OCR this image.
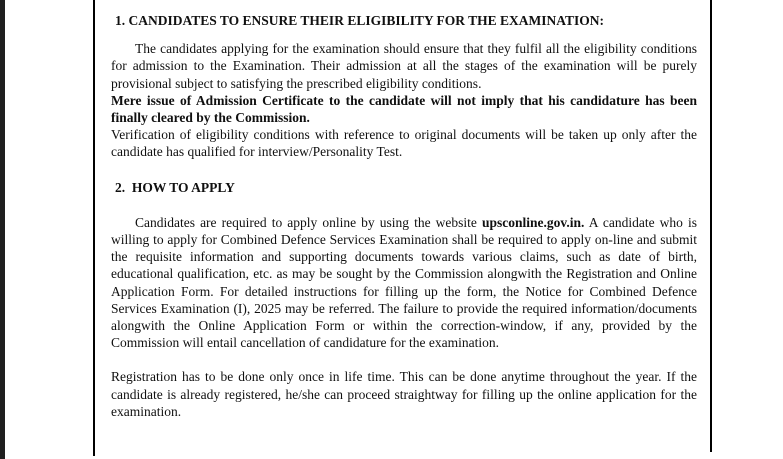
1. CANDIDATES TO ENSURE THEIR ELIGIBILITY FOR THE EXAMINATION:
The candidates applying for the examination should ensure that they fulfil all the eligibility conditions for admission to the Examination. Their admission at all the stages of the examination will be purely provisional subject to satisfying the prescribed eligibility conditions.
Mere issue of Admission Certificate to the candidate will not imply that his candidature has been finally cleared by the Commission.
Verification of eligibility conditions with reference to original documents will be taken up only after the candidate has qualified for interview/Personality Test.
2.  HOW TO APPLY
Candidates are required to apply online by using the website upsconline.gov.in. A candidate who is willing to apply for Combined Defence Services Examination shall be required to apply on-line and submit the requisite information and supporting documents towards various claims, such as date of birth, educational qualification, etc. as may be sought by the Commission alongwith the Registration and Online Application Form. For detailed instructions for filling up the form, the Notice for Combined Defence Services Examination (I), 2025 may be referred. The failure to provide the required information/documents alongwith the Online Application Form or within the correction-window, if any, provided by the Commission will entail cancellation of candidature for the examination.
Registration has to be done only once in life time. This can be done anytime throughout the year. If the candidate is already registered, he/she can proceed straightway for filling up the online application for the examination.
